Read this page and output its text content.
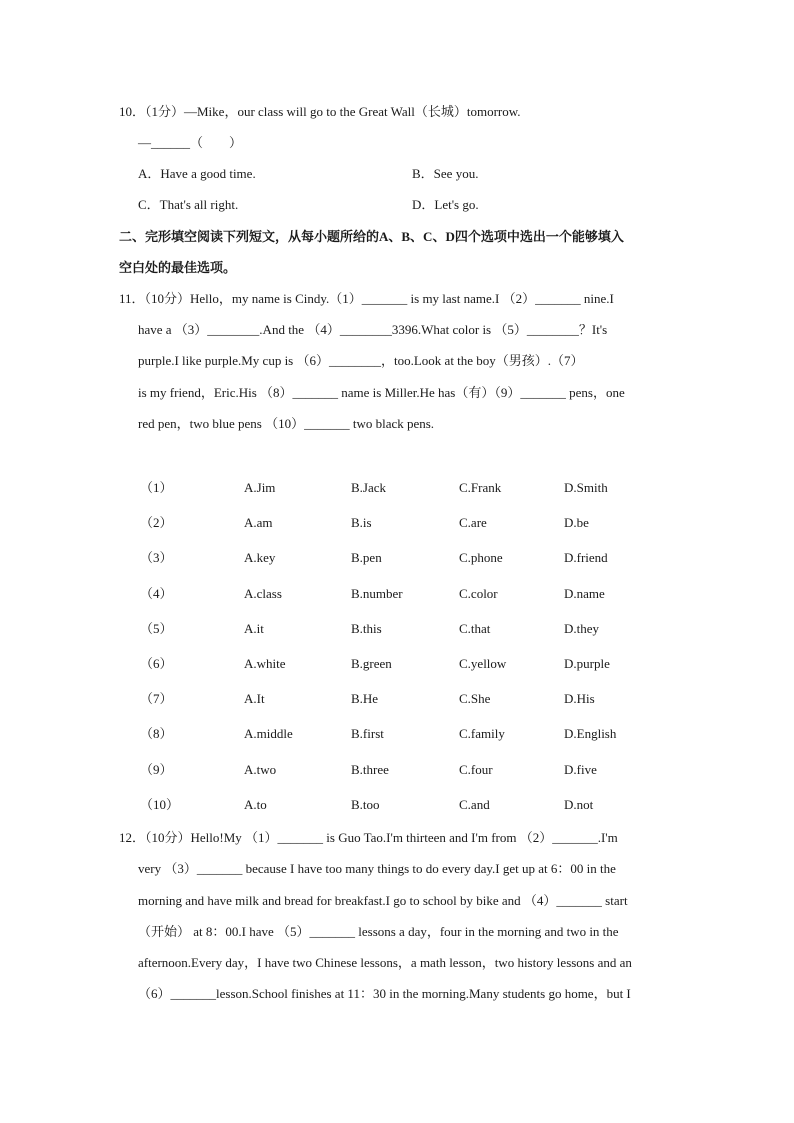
10．（1分）—Mike，our class will go to the Great Wall（长城）tomorrow.
—______（　　）
A．Have a good time.	B．See you.
C．That's all right.	D．Let's go.
二、完形填空阅读下列短文，从每小题所给的A、B、C、D四个选项中选出一个能够填入
空白处的最佳选项。
11．（10分）Hello，my name is Cindy.（1）_______ is my last name.I （2）_______ nine.I
have a （3）________.And the （4）________3396.What color is （5）________？It's
purple.I like purple.My cup is （6）________，too.Look at the boy（男孩）.（7）
is my friend，Eric.His （8）_______ name is Miller.He has（有）（9）_______ pens，one
red pen，two blue pens （10）_______ two black pens.
（1）	A.Jim	B.Jack	C.Frank	D.Smith
（2）	A.am	B.is	C.are	D.be
（3）	A.key	B.pen	C.phone	D.friend
（4）	A.class	B.number	C.color	D.name
（5）	A.it	B.this	C.that	D.they
（6）	A.white	B.green	C.yellow	D.purple
（7）	A.It	B.He	C.She	D.His
（8）	A.middle	B.first	C.family	D.English
（9）	A.two	B.three	C.four	D.five
（10）	A.to	B.too	C.and	D.not
12．（10分）Hello!My （1）_______ is Guo Tao.I'm thirteen and I'm from （2）_______.I'm
very （3）_______ because I have too many things to do every day.I get up at 6：00 in the
morning and have milk and bread for breakfast.I go to school by bike and （4）_______ start
（开始） at 8：00.I have （5）_______ lessons a day，four in the morning and two in the
afternoon.Every day，I have two Chinese lessons，a math lesson，two history lessons and an
（6）_______lesson.School finishes at 11：30 in the morning.Many students go home，but I
